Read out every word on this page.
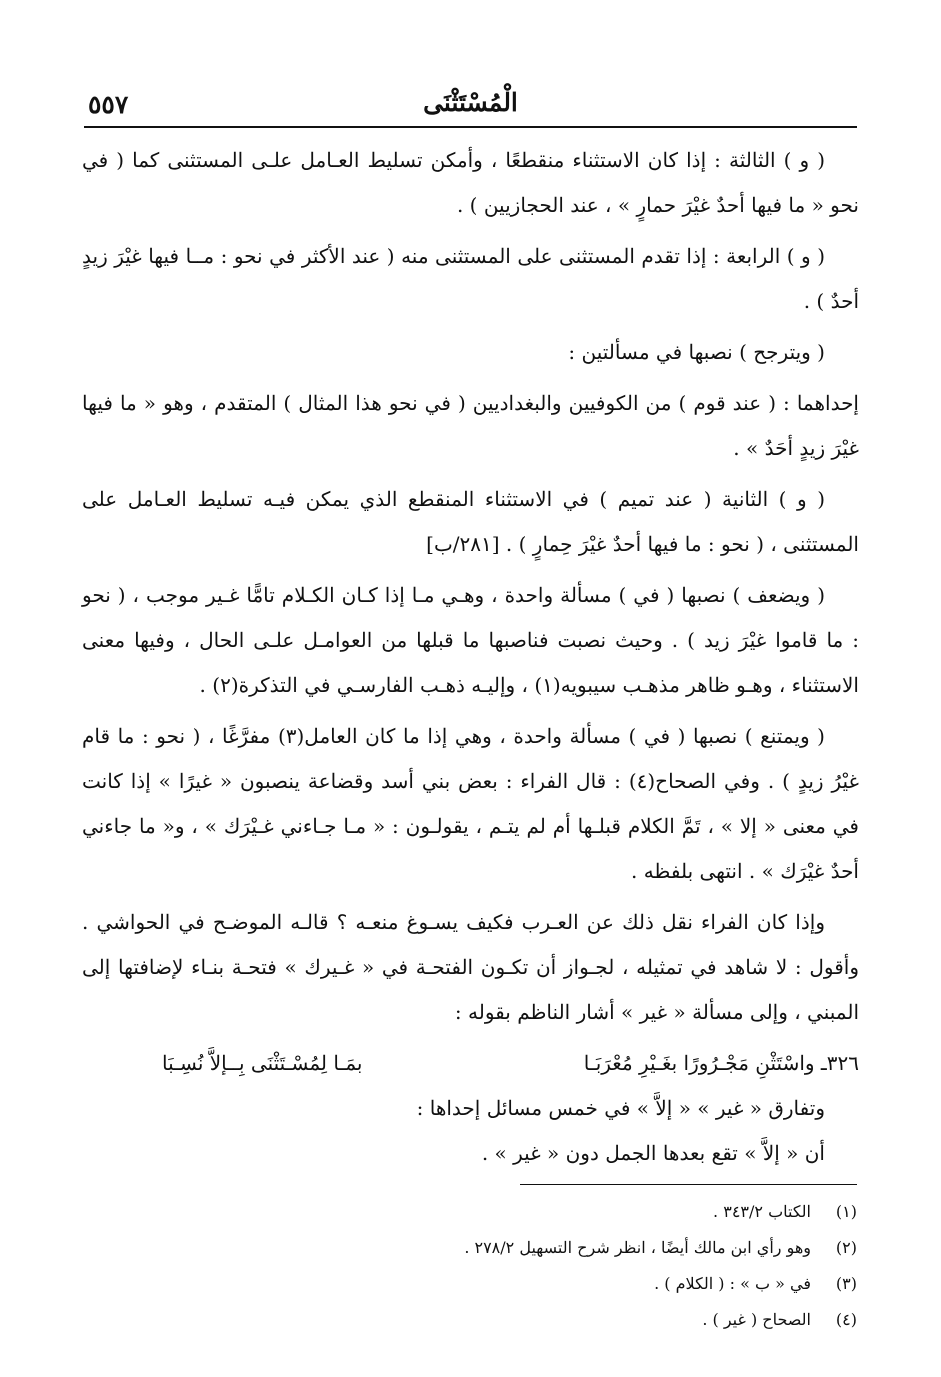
الْمُسْتَثْنَى
٥٥٧

( و ) الثالثة : إذا كان الاستثناء منقطعًا ، وأمكن تسليط العـامل علـى المستثنى كما ( في نحو « ما فيها أحدٌ غيْرَ حمارٍ » ، عند الحجازيين ) .

( و ) الرابعة : إذا تقدم المستثنى على المستثنى منه ( عند الأكثر في نحو : مــا فيها غيْرَ زيدٍ أحدٌ ) .

( ويترجح ) نصبها في مسألتين :

إحداهما : ( عند قوم ) من الكوفيين والبغداديين ( في نحو هذا المثال ) المتقدم ، وهو « ما فيها غيْرَ زيدٍ أحَدٌ » .

( و ) الثانية ( عند تميم ) في الاستثناء المنقطع الذي يمكن فيـه تسليط العـامل على المستثنى ، ( نحو : ما فيها أحدٌ غيْرَ حِمارٍ ) . [٢٨١/ب]

( ويضعف ) نصبها ( في ) مسألة واحدة ، وهـي مـا إذا كـان الكـلام تامًّا غـير موجب ، ( نحو : ما قاموا غيْرَ زيد ) . وحيث نصبت فناصبها ما قبلها من العوامـل علـى الحال ، وفيها معنى الاستثناء ، وهـو ظاهر مذهـب سيبويه(١) ، وإليـه ذهـب الفارسـي في التذكرة(٢) .

( ويمتنع ) نصبها ( في ) مسألة واحدة ، وهي إذا ما كان العامل(٣) مفرَّغًا ، ( نحو : ما قام غيْرُ زيدٍ ) . وفي الصحاح(٤) : قال الفراء : بعض بني أسد وقضاعة ينصبون « غيرًا » إذا كانت في معنى « إلا » ، تَمَّ الكلام قبلـها أم لم يتـم ، يقولـون : « مـا جـاءني غـيْرَك » ، و« ما جاءني أحدٌ غيْرَك » . انتهى بلفظه .

وإذا كان الفراء نقل ذلك عن العـرب فكيف يسـوغ منعـه ؟ قالـه الموضـح في الحواشي . وأقول : لا شاهد في تمثيله ، لجـواز أن تكـون الفتحـة في « غـيرك » فتحـة بنـاء لإضافتها إلى المبني ، وإلى مسألة « غير » أشار الناظم بقوله :

٣٢٦ـ واسْتَثْنِ مَجْـرُورًا بغَـيْرِ مُعْرَبَـا
بمَـا لِمُسْـتَثْنَى بِــإلاَّ نُسِـبَا

وتفارق « غير » « إلاَّ » في خمس مسائل إحداها :

أن « إلاَّ » تقع بعدها الجمل دون « غير » .

(١)الكتاب ٣٤٣/٢ .
(٢)وهو رأي ابن مالك أيضًا ، انظر شرح التسهيل ٢٧٨/٢ .
(٣)في « ب » : ( الكلام ) .
(٤)الصحاح ( غير ) .
